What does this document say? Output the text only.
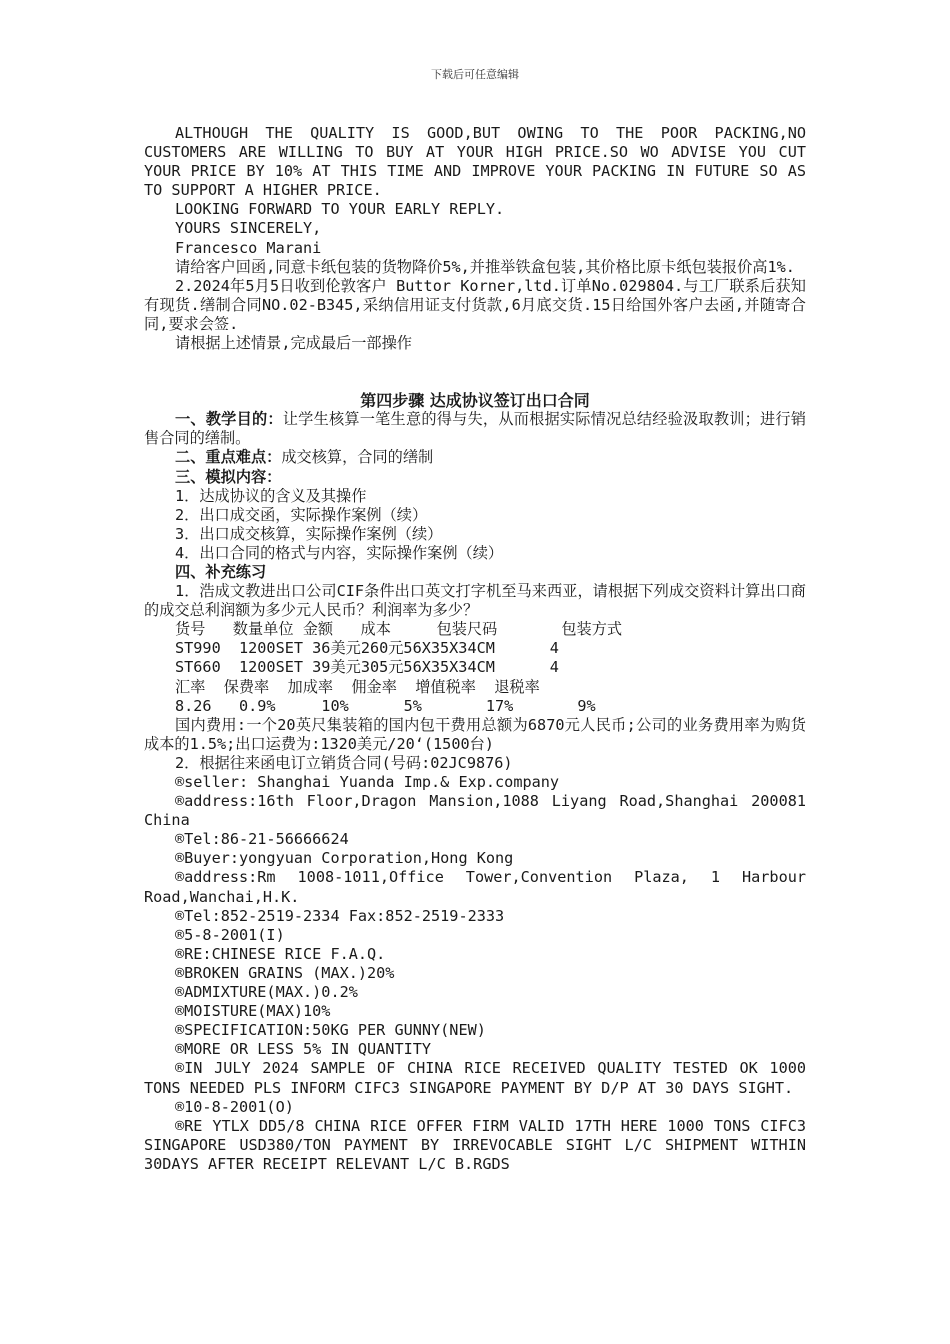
下载后可任意编辑

ALTHOUGH THE QUALITY IS GOOD,BUT OWING TO THE POOR PACKING,NO CUSTOMERS ARE WILLING TO BUY AT YOUR HIGH PRICE.SO WO ADVISE YOU CUT YOUR PRICE BY 10% AT THIS TIME AND IMPROVE YOUR PACKING IN FUTURE SO AS TO SUPPORT A HIGHER PRICE.

LOOKING FORWARD TO YOUR EARLY REPLY.

YOURS SINCERELY,

Francesco Marani

请给客户回函,同意卡纸包装的货物降价5%,并推举铁盒包装,其价格比原卡纸包装报价高1%.

2.2024年5月5日收到伦敦客户 Buttor Korner,ltd.订单No.029804.与工厂联系后获知有现货.缮制合同NO.02-B345,采纳信用证支付货款,6月底交货.15日给国外客户去函,并随寄合同,要求会签.

请根据上述情景,完成最后一部操作

第四步骤 达成协议签订出口合同

一、教学目的：让学生核算一笔生意的得与失，从而根据实际情况总结经验汲取教训；进行销售合同的缮制。

二、重点难点：成交核算，合同的缮制

三、模拟内容：

1．达成协议的含义及其操作

2．出口成交函，实际操作案例（续）

3．出口成交核算，实际操作案例（续）

4．出口合同的格式与内容，实际操作案例（续）

四、补充练习

1．浩成文教进出口公司CIF条件出口英文打字机至马来西亚，请根据下列成交资料计算出口商的成交总利润额为多少元人民币？利润率为多少？

货号   数量单位 金额   成本     包装尺码       包装方式

ST990  1200SET 36美元260元56X35X34CM      4

ST660  1200SET 39美元305元56X35X34CM      4

汇率  保费率  加成率  佣金率  增值税率  退税率

8.26   0.9%     10%      5%       17%       9%

国内费用:一个20英尺集装箱的国内包干费用总额为6870元人民币;公司的业务费用率为购货成本的1.5%;出口运费为:1320美元/20‘(1500台)

2．根据往来函电订立销货合同(号码:02JC9876)

®seller: Shanghai Yuanda Imp.& Exp.company

®address:16th Floor,Dragon Mansion,1088 Liyang Road,Shanghai 200081 China

®Tel:86-21-56666624

®Buyer:yongyuan Corporation,Hong Kong

®address:Rm 1008-1011,Office Tower,Convention Plaza, 1 Harbour Road,Wanchai,H.K.

®Tel:852-2519-2334 Fax:852-2519-2333

®5-8-2001(I)

®RE:CHINESE RICE F.A.Q.

®BROKEN GRAINS (MAX.)20%

®ADMIXTURE(MAX.)0.2%

®MOISTURE(MAX)10%

®SPECIFICATION:50KG PER GUNNY(NEW)

®MORE OR LESS 5% IN QUANTITY

®IN JULY 2024 SAMPLE OF CHINA RICE RECEIVED QUALITY TESTED OK 1000 TONS NEEDED PLS INFORM CIFC3 SINGAPORE PAYMENT BY D/P AT 30 DAYS SIGHT.

®10-8-2001(O)

®RE YTLX DD5/8 CHINA RICE OFFER FIRM VALID 17TH HERE 1000 TONS CIFC3 SINGAPORE USD380/TON PAYMENT BY IRREVOCABLE SIGHT L/C SHIPMENT WITHIN 30DAYS AFTER RECEIPT RELEVANT L/C B.RGDS
